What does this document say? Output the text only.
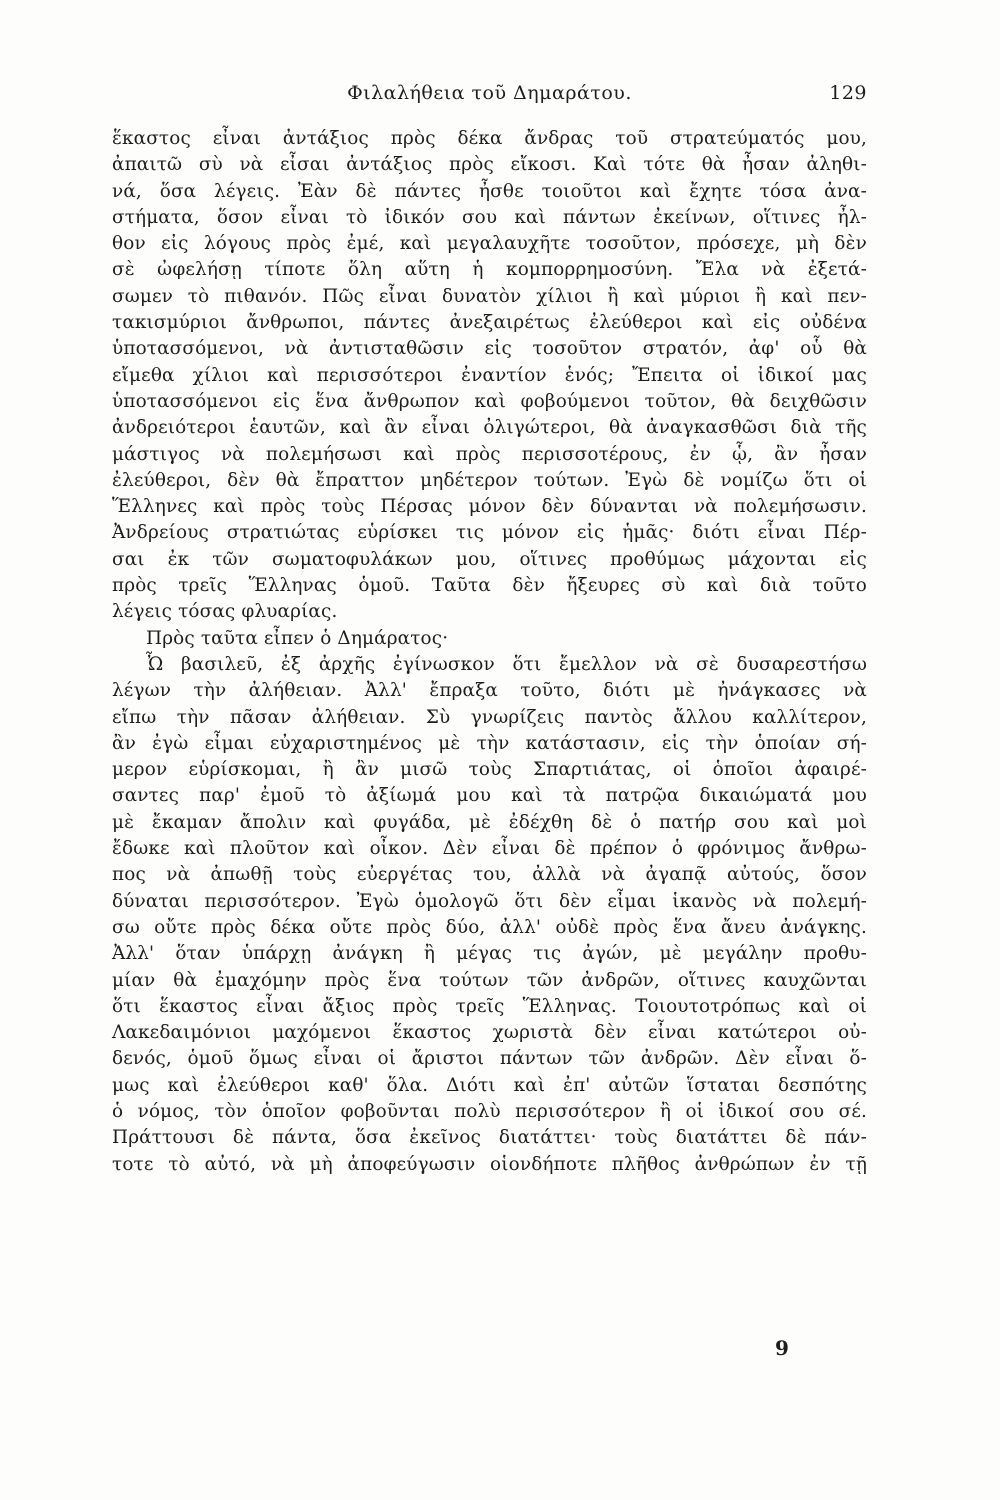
Φιλαλήθεια τοῦ Δημαράτου.	129
ἕκαστος εἶναι ἀντάξιος πρὸς δέκα ἄνδρας τοῦ στρατεύματός μου,
ἀπαιτῶ σὺ νὰ εἶσαι ἀντάξιος πρὸς εἴκοσι. Καὶ τότε θὰ ἦσαν ἀληθι-
νά, ὅσα λέγεις. Ἐὰν δὲ πάντες ἦσθε τοιοῦτοι καὶ ἔχητε τόσα ἀνα-
στήματα, ὅσον εἶναι τὸ ἰδικόν σου καὶ πάντων ἐκείνων, οἵτινες ἦλ-
θον εἰς λόγους πρὸς ἐμέ, καὶ μεγαλαυχῆτε τοσοῦτον, πρόσεχε, μὴ δὲν
σὲ ὠφελήσῃ τίποτε ὅλη αὕτη ἡ κομπορρημοσύνη. Ἔλα νὰ ἐξετά-
σωμεν τὸ πιθανόν. Πῶς εἶναι δυνατὸν χίλιοι ἢ καὶ μύριοι ἢ καὶ πεν-
τακισμύριοι ἄνθρωποι, πάντες ἀνεξαιρέτως ἐλεύθεροι καὶ εἰς οὐδένα
ὑποτασσόμενοι, νὰ ἀντισταθῶσιν εἰς τοσοῦτον στρατόν, ἀφ' οὗ θὰ
εἴμεθα χίλιοι καὶ περισσότεροι ἐναντίον ἑνός; Ἔπειτα οἱ ἰδικοί μας
ὑποτασσόμενοι εἰς ἕνα ἄνθρωπον καὶ φοβούμενοι τοῦτον, θὰ δειχθῶσιν
ἀνδρειότεροι ἑαυτῶν, καὶ ἂν εἶναι ὀλιγώτεροι, θὰ ἀναγκασθῶσι διὰ τῆς
μάστιγος νὰ πολεμήσωσι καὶ πρὸς περισσοτέρους, ἐν ᾧ, ἂν ἦσαν
ἐλεύθεροι, δὲν θὰ ἔπραττον μηδέτερον τούτων. Ἐγὼ δὲ νομίζω ὅτι οἱ
Ἕλληνες καὶ πρὸς τοὺς Πέρσας μόνον δὲν δύνανται νὰ πολεμήσωσιν.
Ἀνδρείους στρατιώτας εὑρίσκει τις μόνον εἰς ἡμᾶς· διότι εἶναι Πέρ-
σαι ἐκ τῶν σωματοφυλάκων μου, οἵτινες προθύμως μάχονται εἰς
πρὸς τρεῖς Ἕλληνας ὁμοῦ. Ταῦτα δὲν ἤξευρες σὺ καὶ διὰ τοῦτο
λέγεις τόσας φλυαρίας.
Πρὸς ταῦτα εἶπεν ὁ Δημάρατος·
Ὦ βασιλεῦ, ἐξ ἀρχῆς ἐγίνωσκον ὅτι ἔμελλον νὰ σὲ δυσαρεστήσω
λέγων τὴν ἀλήθειαν. Ἀλλ' ἔπραξα τοῦτο, διότι μὲ ἠνάγκασες νὰ
εἴπω τὴν πᾶσαν ἀλήθειαν. Σὺ γνωρίζεις παντὸς ἄλλου καλλίτερον,
ἂν ἐγὼ εἶμαι εὐχαριστημένος μὲ τὴν κατάστασιν, εἰς τὴν ὁποίαν σή-
μερον εὑρίσκομαι, ἢ ἂν μισῶ τοὺς Σπαρτιάτας, οἱ ὁποῖοι ἀφαιρέ-
σαντες παρ' ἐμοῦ τὸ ἀξίωμά μου καὶ τὰ πατρῷα δικαιώματά μου
μὲ ἔκαμαν ἄπολιν καὶ φυγάδα, μὲ ἐδέχθη δὲ ὁ πατήρ σου καὶ μοὶ
ἔδωκε καὶ πλοῦτον καὶ οἶκον. Δὲν εἶναι δὲ πρέπον ὁ φρόνιμος ἄνθρω-
πος νὰ ἀπωθῇ τοὺς εὐεργέτας του, ἀλλὰ νὰ ἀγαπᾷ αὐτούς, ὅσον
δύναται περισσότερον. Ἐγὼ ὁμολογῶ ὅτι δὲν εἶμαι ἱκανὸς νὰ πολεμή-
σω οὔτε πρὸς δέκα οὔτε πρὸς δύο, ἀλλ' οὐδὲ πρὸς ἕνα ἄνευ ἀνάγκης.
Ἀλλ' ὅταν ὑπάρχῃ ἀνάγκη ἢ μέγας τις ἀγών, μὲ μεγάλην προθυ-
μίαν θὰ ἐμαχόμην πρὸς ἕνα τούτων τῶν ἀνδρῶν, οἵτινες καυχῶνται
ὅτι ἕκαστος εἶναι ἄξιος πρὸς τρεῖς Ἕλληνας. Τοιουτοτρόπως καὶ οἱ
Λακεδαιμόνιοι μαχόμενοι ἕκαστος χωριστὰ δὲν εἶναι κατώτεροι οὐ-
δενός, ὁμοῦ ὅμως εἶναι οἱ ἄριστοι πάντων τῶν ἀνδρῶν. Δὲν εἶναι ὅ-
μως καὶ ἐλεύθεροι καθ' ὅλα. Διότι καὶ ἐπ' αὐτῶν ἵσταται δεσπότης
ὁ νόμος, τὸν ὁποῖον φοβοῦνται πολὺ περισσότερον ἢ οἱ ἰδικοί σου σέ.
Πράττουσι δὲ πάντα, ὅσα ἐκεῖνος διατάττει· τοὺς διατάττει δὲ πάν-
τοτε τὸ αὐτό, νὰ μὴ ἀποφεύγωσιν οἱονδήποτε πλῆθος ἀνθρώπων ἐν τῇ
9
